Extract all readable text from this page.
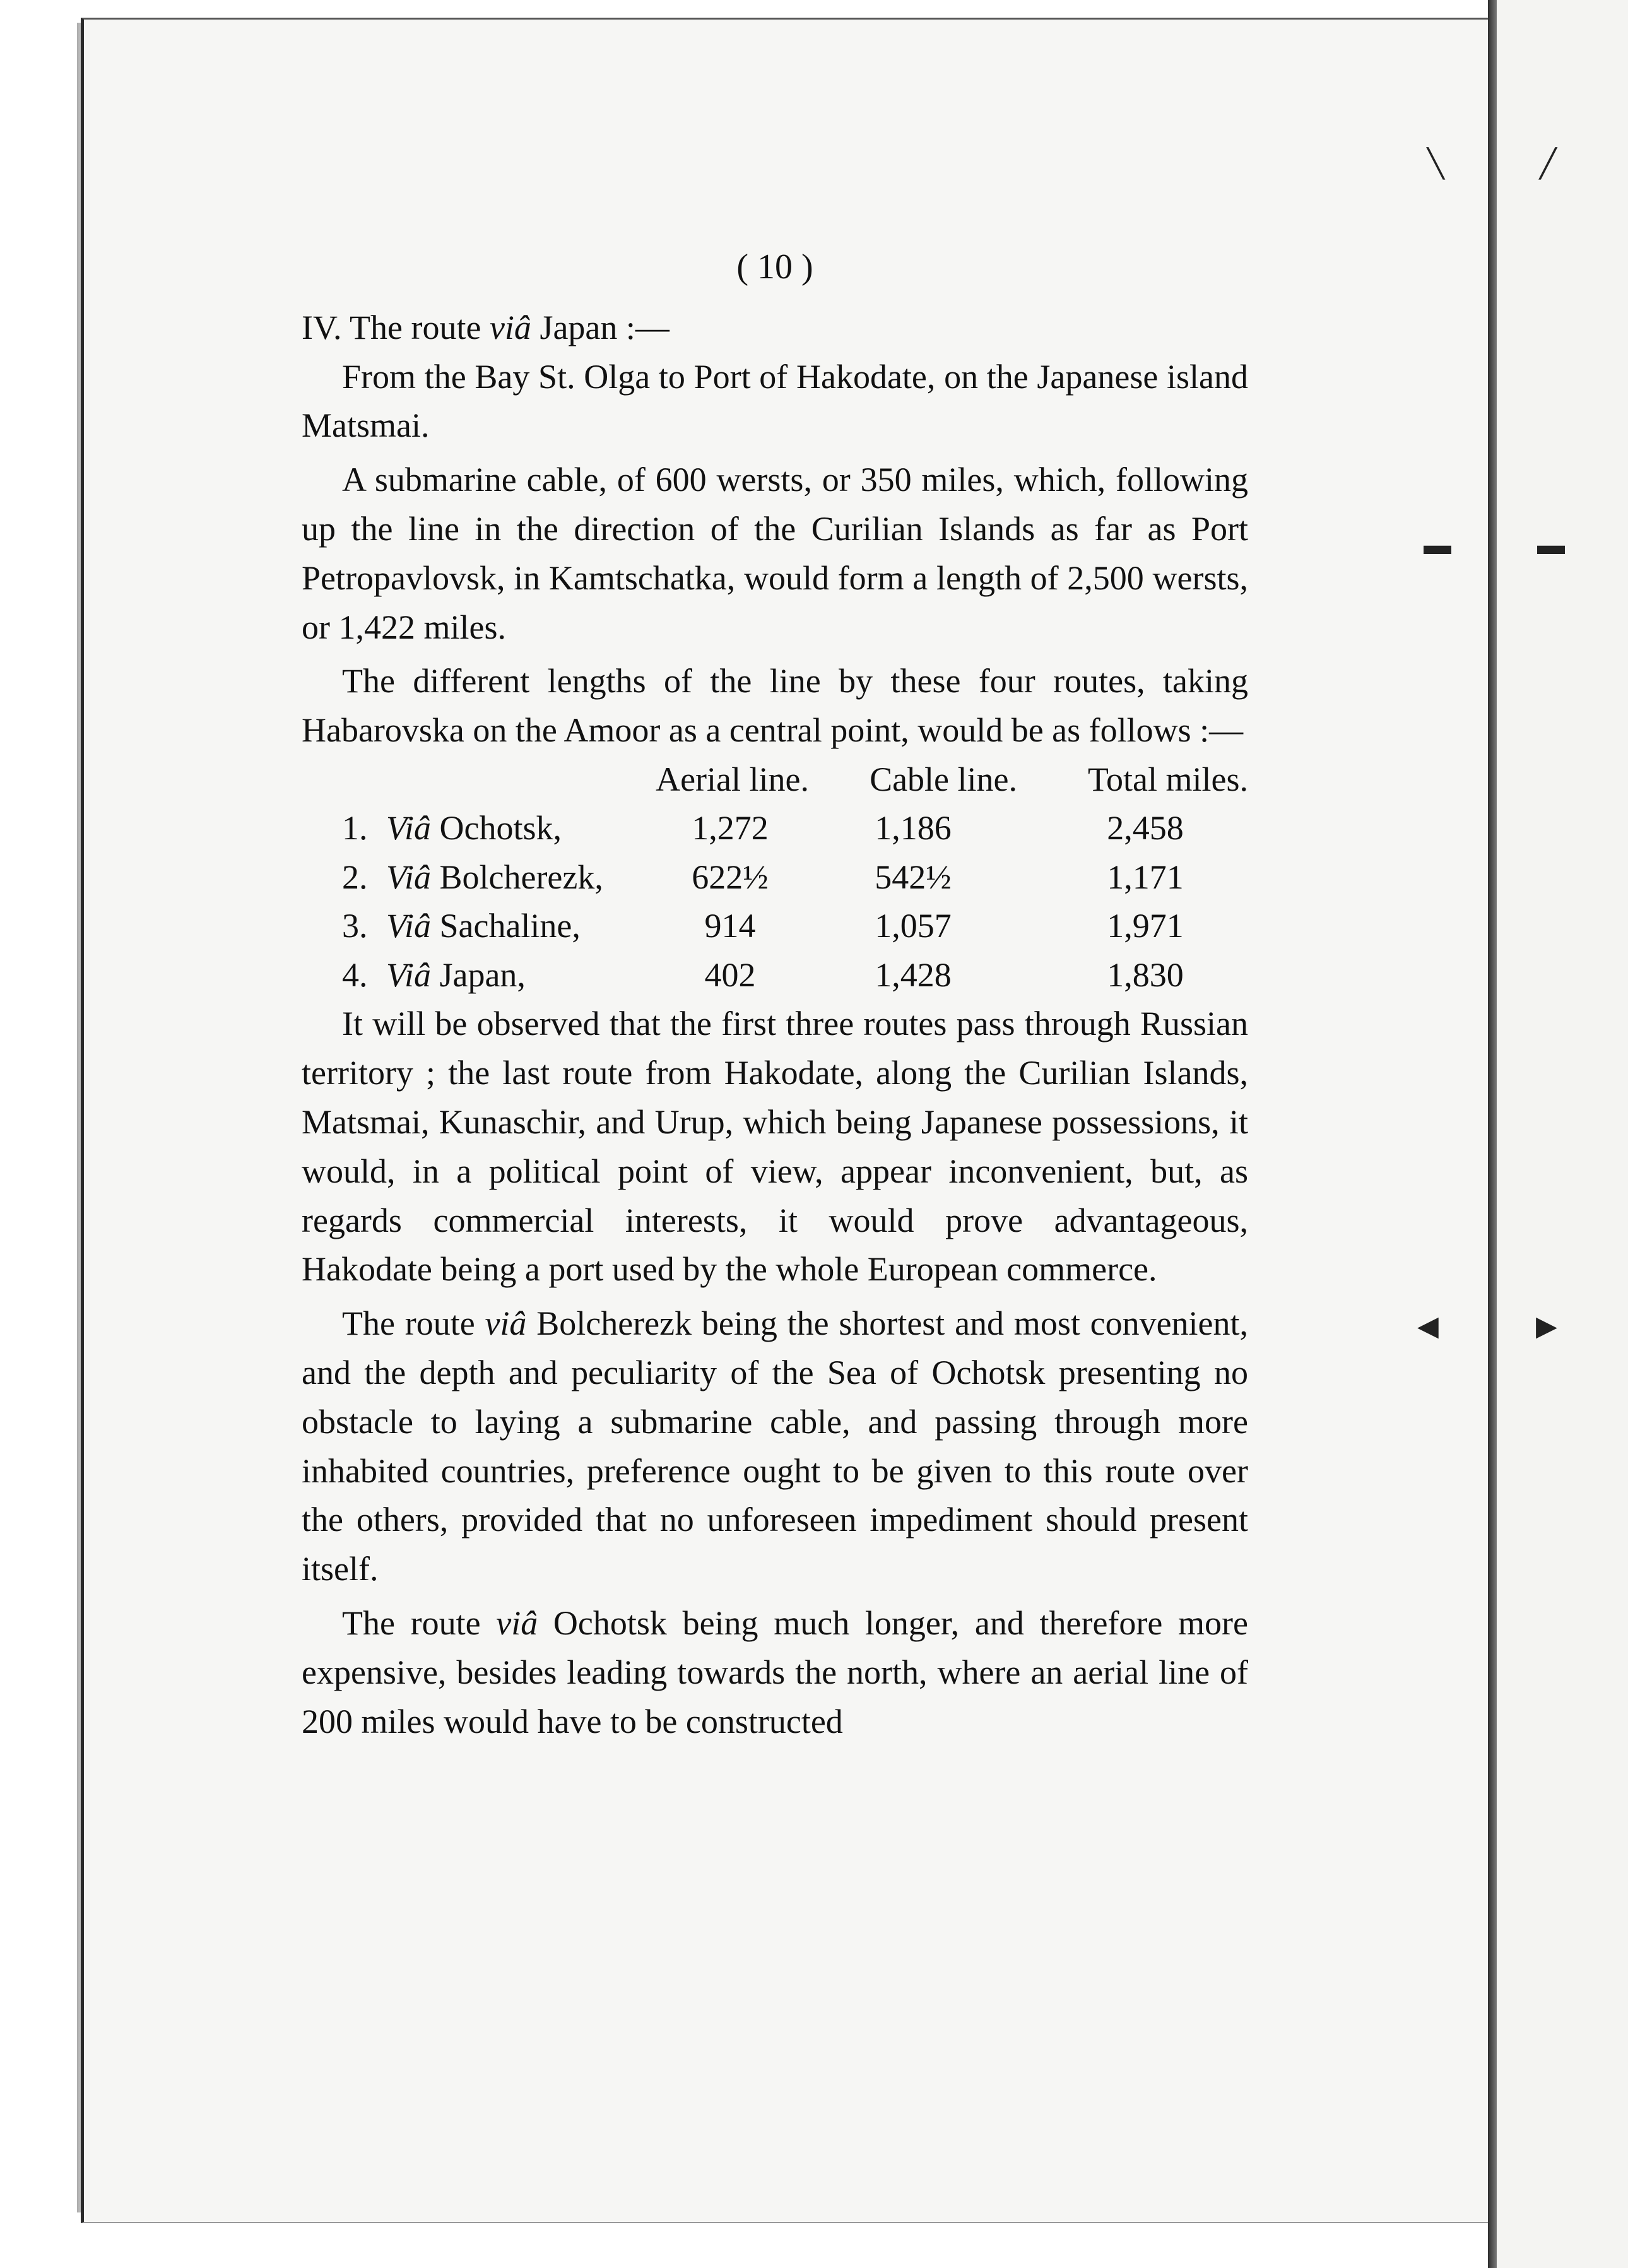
╲	╱
▬	▬
◀	▶
( 10 )

IV. The route viâ Japan :—

From the Bay St. Olga to Port of Hakodate, on the Japanese island Matsmai.

A submarine cable, of 600 wersts, or 350 miles, which, following up the line in the direction of the Curilian Islands as far as Port Petropavlovsk, in Kamtschatka, would form a length of 2,500 wersts, or 1,422 miles.

The different lengths of the line by these four routes, taking Habarovska on the Amoor as a central point, would be as follows :—

		Aerial line.	Cable line.	Total miles.
1.	Viâ Ochotsk,	1,272	1,186	2,458
2.	Viâ Bolcherezk,	622½	542½	1,171
3.	Viâ Sachaline,	914	1,057	1,971
4.	Viâ Japan,	402	1,428	1,830

It will be observed that the first three routes pass through Russian territory ; the last route from Hakodate, along the Curilian Islands, Matsmai, Kunaschir, and Urup, which being Japanese possessions, it would, in a political point of view, appear inconvenient, but, as regards commercial interests, it would prove advantageous, Hakodate being a port used by the whole European commerce.

The route viâ Bolcherezk being the shortest and most convenient, and the depth and peculiarity of the Sea of Ochotsk presenting no obstacle to laying a submarine cable, and passing through more inhabited countries, preference ought to be given to this route over the others, provided that no unforeseen impediment should present itself.

The route viâ Ochotsk being much longer, and therefore more expensive, besides leading towards the north, where an aerial line of 200 miles would have to be constructed
